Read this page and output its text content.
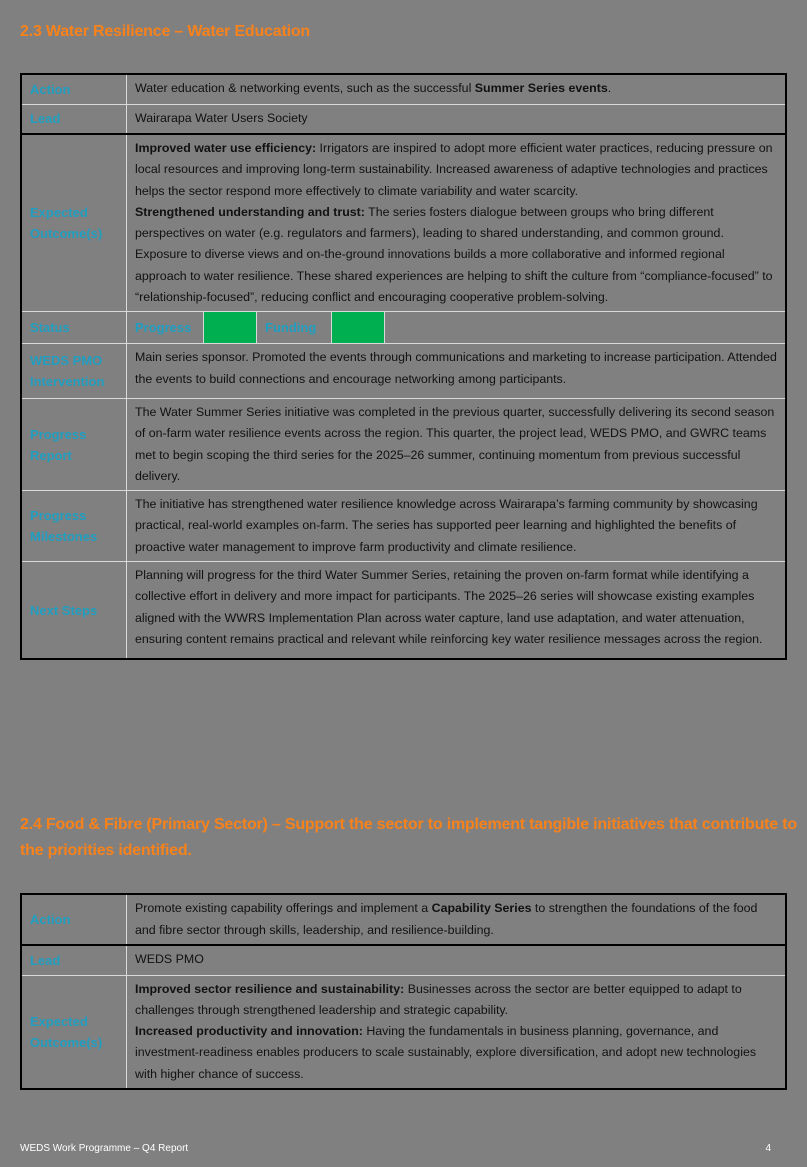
2.3 Water Resilience – Water Education
Action	Water education & networking events, such as the successful Summer Series events.
Lead	Wairarapa Water Users Society
Expected Outcome(s)	Improved water use efficiency: Irrigators are inspired to adopt more efficient water practices, reducing pressure on local resources and improving long-term sustainability. Increased awareness of adaptive technologies and practices helps the sector respond more effectively to climate variability and water scarcity.
Strengthened understanding and trust: The series fosters dialogue between groups who bring different perspectives on water (e.g. regulators and farmers), leading to shared understanding, and common ground. Exposure to diverse views and on-the-ground innovations builds a more collaborative and informed regional approach to water resilience. These shared experiences are helping to shift the culture from “compliance-focused” to “relationship-focused”, reducing conflict and encouraging cooperative problem-solving.

Status	Progress Funding

WEDS PMO Intervention	Main series sponsor. Promoted the events through communications and marketing to increase participation. Attended the events to build connections and encourage networking among participants.
Progress Report	The Water Summer Series initiative was completed in the previous quarter, successfully delivering its second season of on-farm water resilience events across the region. This quarter, the project lead, WEDS PMO, and GWRC teams met to begin scoping the third series for the 2025–26 summer, continuing momentum from previous successful delivery.
Progress Milestones	The initiative has strengthened water resilience knowledge across Wairarapa’s farming community by showcasing practical, real-world examples on-farm. The series has supported peer learning and highlighted the benefits of proactive water management to improve farm productivity and climate resilience.
Next Steps	Planning will progress for the third Water Summer Series, retaining the proven on-farm format while identifying a collective effort in delivery and more impact for participants. The 2025–26 series will showcase existing examples aligned with the WWRS Implementation Plan across water capture, land use adaptation, and water attenuation, ensuring content remains practical and relevant while reinforcing key water resilience messages across the region.
2.4 Food & Fibre (Primary Sector) – Support the sector to implement tangible initiatives that contribute to the priorities identified.
Action	Promote existing capability offerings and implement a Capability Series to strengthen the foundations of the food and fibre sector through skills, leadership, and resilience-building.
Lead	WEDS PMO
Expected Outcome(s)	Improved sector resilience and sustainability: Businesses across the sector are better equipped to adapt to challenges through strengthened leadership and strategic capability.
Increased productivity and innovation: Having the fundamentals in business planning, governance, and investment-readiness enables producers to scale sustainably, explore diversification, and adopt new technologies with higher chance of success.
WEDS Work Programme – Q4 Report	4
